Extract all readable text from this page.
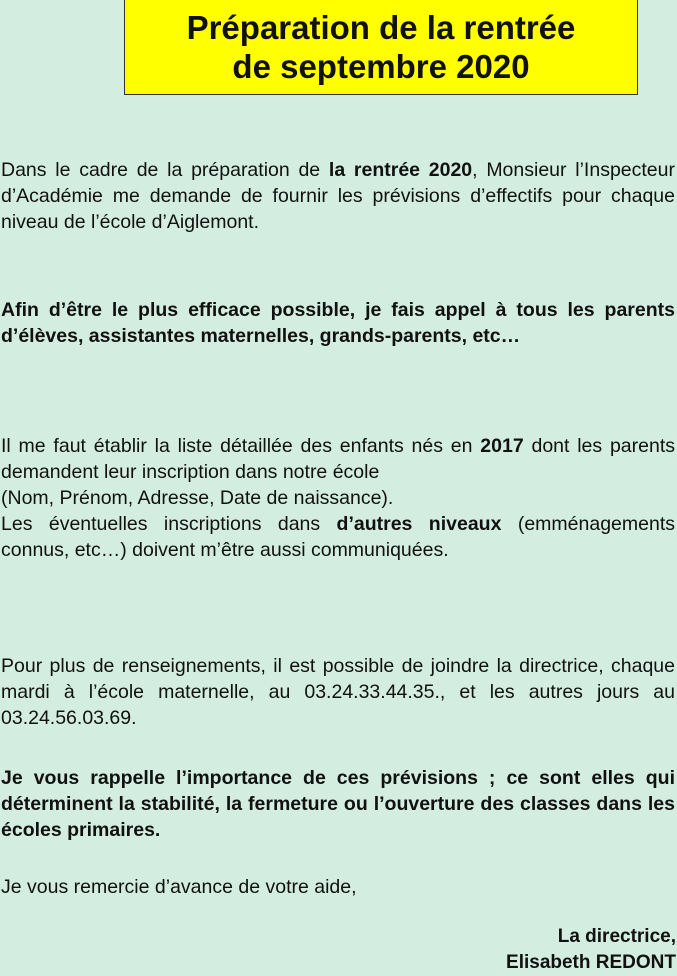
Préparation de la rentrée
de septembre 2020
Dans le cadre de la préparation de la rentrée 2020, Monsieur l’Inspecteur d’Académie me demande de fournir les prévisions d’effectifs pour chaque niveau de l’école d’Aiglemont.
Afin d’être le plus efficace possible, je fais appel à tous les parents d’élèves, assistantes maternelles, grands-parents, etc…
Il me faut établir la liste détaillée des enfants nés en 2017 dont les parents demandent leur inscription dans notre école
(Nom, Prénom, Adresse, Date de naissance).
Les éventuelles inscriptions dans d’autres niveaux (emménagements connus, etc…) doivent m’être aussi communiquées.
Pour plus de renseignements, il est possible de joindre la directrice, chaque mardi à l’école maternelle, au 03.24.33.44.35., et les autres jours au 03.24.56.03.69.
Je vous rappelle l’importance de ces prévisions ; ce sont elles qui déterminent la stabilité, la fermeture ou l’ouverture des classes dans les écoles primaires.
Je vous remercie d’avance de votre aide,
La directrice,
Elisabeth REDONT
